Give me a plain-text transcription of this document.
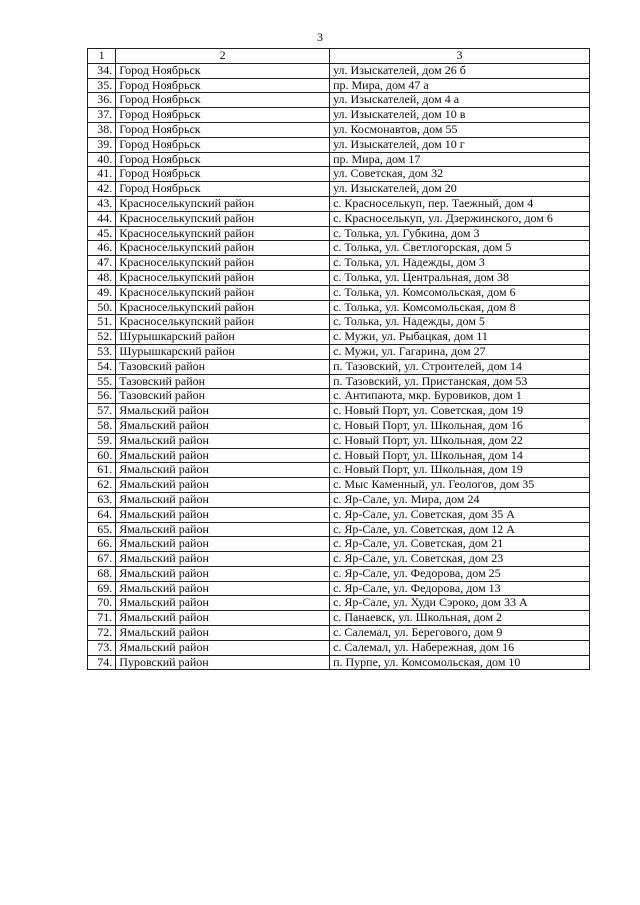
3
1	2	3
34.	Город Ноябрьск	ул. Изыскателей, дом 26 б
35.	Город Ноябрьск	пр. Мира, дом 47 а
36.	Город Ноябрьск	ул. Изыскателей, дом 4 а
37.	Город Ноябрьск	ул. Изыскателей, дом 10 в
38.	Город Ноябрьск	ул. Космонавтов, дом 55
39.	Город Ноябрьск	ул. Изыскателей, дом 10 г
40.	Город Ноябрьск	пр. Мира, дом 17
41.	Город Ноябрьск	ул. Советская, дом 32
42.	Город Ноябрьск	ул. Изыскателей, дом 20
43.	Красноселькупский район	с. Красноселькуп, пер. Таежный, дом 4
44.	Красноселькупский район	с. Красноселькуп, ул. Дзержинского, дом 6
45.	Красноселькупский район	с. Толька, ул. Губкина, дом 3
46.	Красноселькупский район	с. Толька, ул. Светлогорская, дом 5
47.	Красноселькупский район	с. Толька, ул. Надежды, дом 3
48.	Красноселькупский район	с. Толька, ул. Центральная, дом 38
49.	Красноселькупский район	с. Толька, ул. Комсомольская, дом 6
50.	Красноселькупский район	с. Толька, ул. Комсомольская, дом 8
51.	Красноселькупский район	с. Толька, ул. Надежды, дом 5
52.	Шурышкарский район	с. Мужи, ул. Рыбацкая, дом 11
53.	Шурышкарский район	с. Мужи, ул. Гагарина, дом 27
54.	Тазовский район	п. Тазовский, ул. Строителей, дом 14
55.	Тазовский район	п. Тазовский, ул. Пристанская, дом 53
56.	Тазовский район	с. Антипаюта, мкр. Буровиков, дом 1
57.	Ямальский район	с. Новый Порт, ул. Советская, дом 19
58.	Ямальский район	с. Новый Порт, ул. Школьная, дом 16
59.	Ямальский район	с. Новый Порт, ул. Школьная, дом 22
60.	Ямальский район	с. Новый Порт, ул. Школьная, дом 14
61.	Ямальский район	с. Новый Порт, ул. Школьная, дом 19
62.	Ямальский район	с. Мыс Каменный, ул. Геологов, дом 35
63.	Ямальский район	с. Яр-Сале, ул. Мира, дом 24
64.	Ямальский район	с. Яр-Сале, ул. Советская, дом 35 А
65.	Ямальский район	с. Яр-Сале, ул. Советская, дом 12 А
66.	Ямальский район	с. Яр-Сале, ул. Советская, дом 21
67.	Ямальский район	с. Яр-Сале, ул. Советская, дом 23
68.	Ямальский район	с. Яр-Сале, ул. Федорова, дом 25
69.	Ямальский район	с. Яр-Сале, ул. Федорова, дом 13
70.	Ямальский район	с. Яр-Сале, ул. Худи Сэроко, дом 33 А
71.	Ямальский район	с. Панаевск, ул. Школьная, дом 2
72.	Ямальский район	с. Салемал, ул. Берегового, дом 9
73.	Ямальский район	с. Салемал, ул. Набережная, дом 16
74.	Пуровский район	п. Пурпе, ул. Комсомольская, дом 10
